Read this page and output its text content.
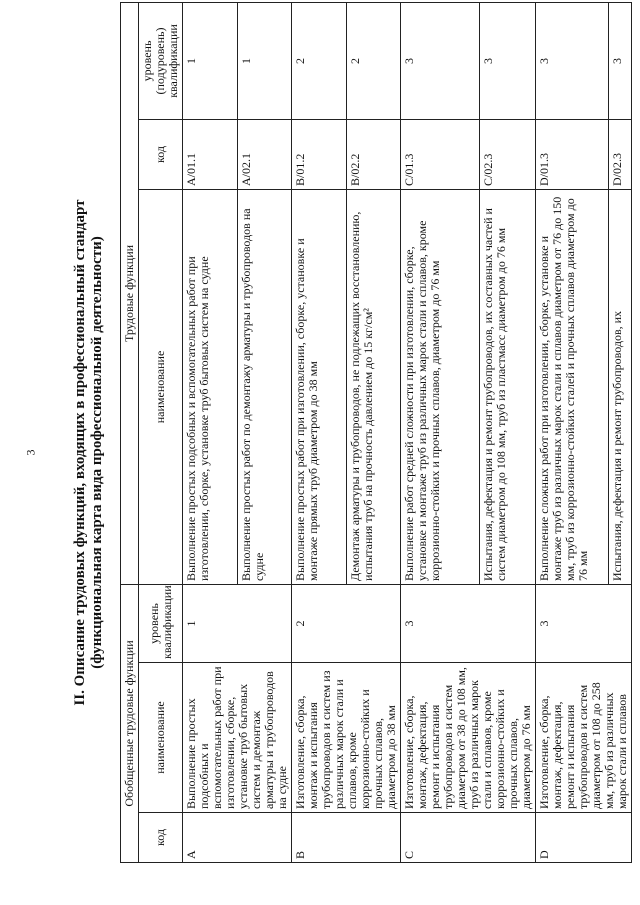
3 II. Описание трудовых функций, входящих в профессиональный стандарт (функциональная карта вида профессиональной деятельности)
Обобщенные трудовые функции			Трудовые функции		
код	наименование	уровень квалификации	наименование	код	уровень (подуровень) квалификации
A	Выполнение простых подсобных и вспомогательных работ при изготовлении, сборке, установке труб бытовых систем и демонтаж арматуры и трубопроводов на судне	1	Выполнение простых подсобных и вспомогательных работ при изготовлении, сборке, установке труб бытовых систем на судне	A/01.1	1
			Выполнение простых работ по демонтажу арматуры и трубопроводов на судне	A/02.1	1
B	Изготовление, сборка, монтаж и испытания трубопроводов и систем из различных марок стали и сплавов, кроме коррозионно-стойких и прочных сплавов, диаметром до 38 мм	2	Выполнение простых работ при изготовлении, сборке, установке и монтаже прямых труб диаметром до 38 мм	B/01.2	2
			Демонтаж арматуры и трубопроводов, не подлежащих восстановлению, испытания труб на прочность давлением до 15 кг/см²	B/02.2	2
C	Изготовление, сборка, монтаж, дефектация, ремонт и испытания трубопроводов и систем диаметром от 38 до 108 мм, труб из различных марок стали и сплавов, кроме коррозионно-стойких и прочных сплавов, диаметром до 76 мм	3	Выполнение работ средней сложности при изготовлении, сборке, установке и монтаже труб из различных марок стали и сплавов, кроме коррозионно-стойких и прочных сплавов, диаметром до 76 мм	C/01.3	3
			Испытания, дефектация и ремонт трубопроводов, их составных частей и систем диаметром до 108 мм, труб из пластмасс диаметром до 76 мм	C/02.3	3
D	Изготовление, сборка, монтаж, дефектация, ремонт и испытания трубопроводов и систем диаметром от 108 до 258 мм, труб из различных марок стали и сплавов	3	Выполнение сложных работ при изготовлении, сборке, установке и монтаже труб из различных марок стали и сплавов диаметром от 76 до 150 мм, труб из коррозионно-стойких сталей и прочных сплавов диаметром до 76 мм	D/01.3	3
			Испытания, дефектация и ремонт трубопроводов, их	D/02.3	3
